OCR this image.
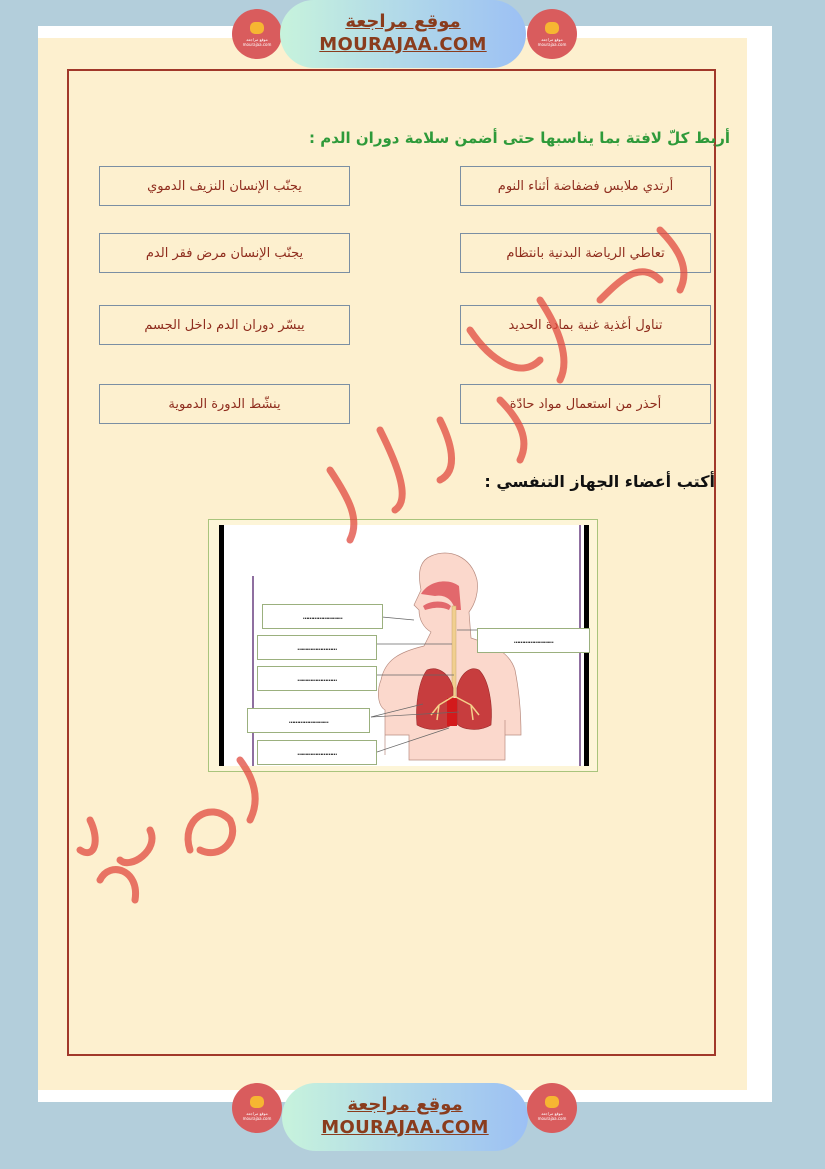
موقع مراجعة
mourajaa.com
موقع مراجعة
MOURAJAA.COM	موقع مراجعة
mourajaa.com
أربط كلّ لافتة بما يناسبها حتى أضمن سلامة دوران الدم :
أرتدي ملابس فضفاضة أثناء النوم
تعاطي الرياضة البدنية بانتظام
تناول أغذية غنية بمادة الحديد
أحذر من استعمال مواد حادّة
يجنّب الإنسان النزيف الدموي
يجنّب الإنسان مرض فقر الدم
ييسّر دوران الدم داخل الجسم
ينشّط الدورة الدموية
أكتب أعضاء الجهاز التنفسي :
……………………
……………………
……………………
……………………
……………………
……………………
موقع مراجعة
mourajaa.com
موقع مراجعة
MOURAJAA.COM
موقع مراجعة
mourajaa.com
